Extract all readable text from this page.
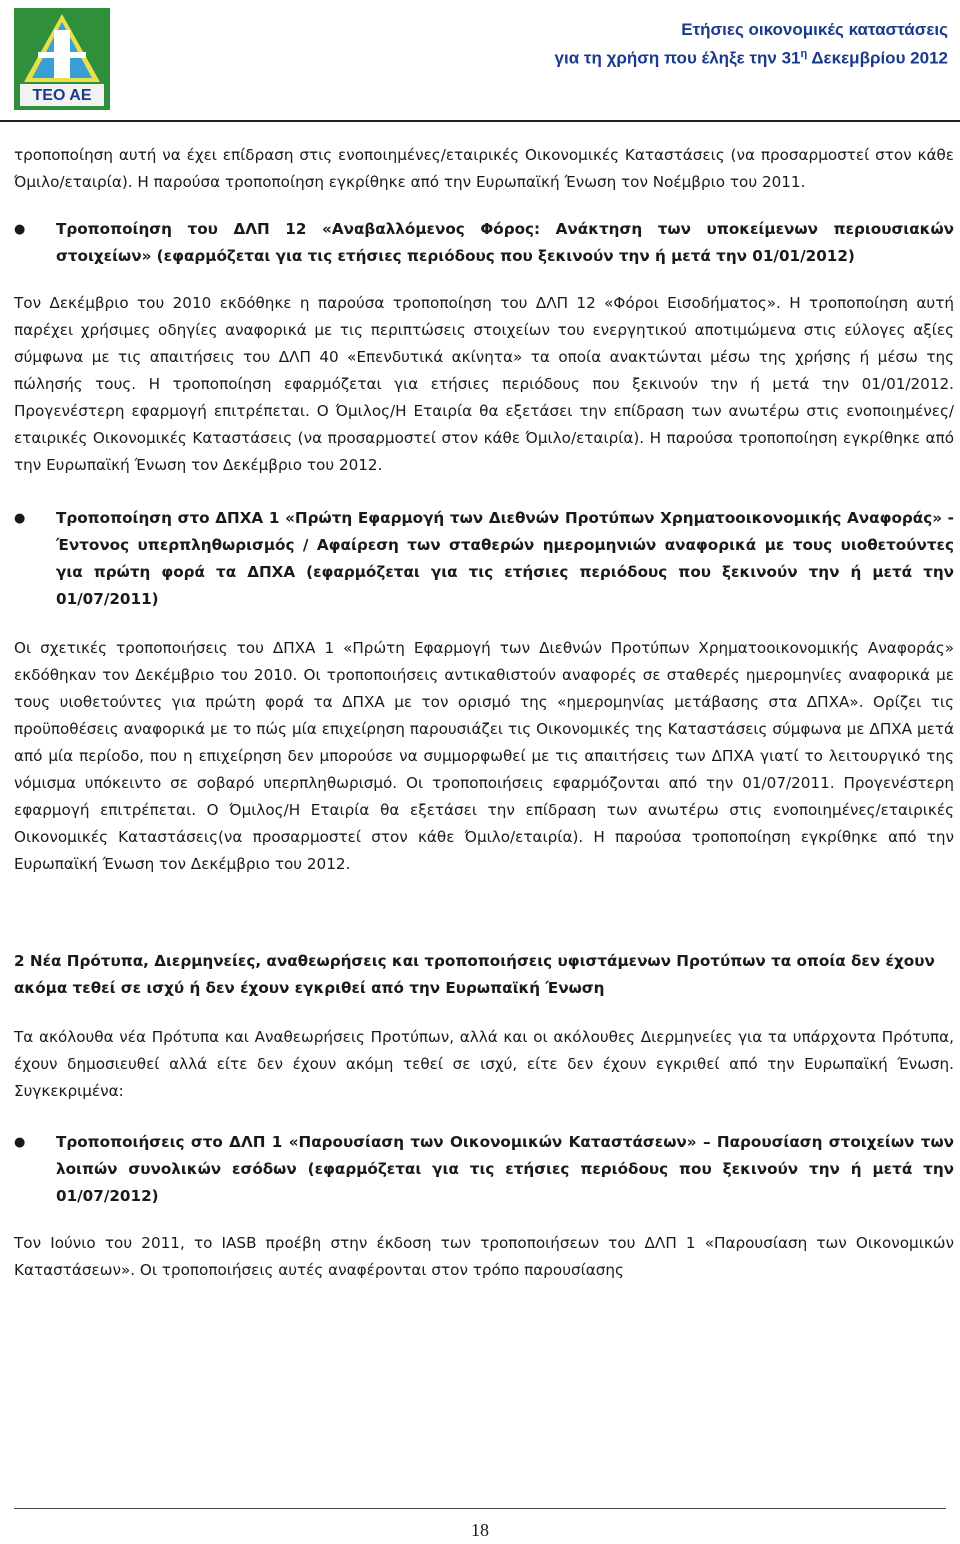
TEO AE
Ετήσιες οικονομικές καταστάσεις
για τη χρήση που έληξε την $31^\eta$ Δεκεμβρίου 2012

τροποποίηση αυτή να έχει επίδραση στις ενοποιημένες/εταιρικές Οικονομικές Καταστάσεις (να προσαρμοστεί στον κάθε Όμιλο/εταιρία). Η παρούσα τροποποίηση εγκρίθηκε από την Ευρωπαϊκή Ένωση τον Νοέμβριο του 2011.

●	Τροποποίηση του ΔΛΠ 12 «Αναβαλλόμενος Φόρος: Ανάκτηση των υποκείμενων περιουσιακών στοιχείων» (εφαρμόζεται για τις ετήσιες περιόδους που ξεκινούν την ή μετά την 01/01/2012)

Τον Δεκέμβριο του 2010 εκδόθηκε η παρούσα τροποποίηση του ΔΛΠ 12 «Φόροι Εισοδήματος». Η τροποποίηση αυτή παρέχει χρήσιμες οδηγίες αναφορικά με τις περιπτώσεις στοιχείων του ενεργητικού αποτιμώμενα στις εύλογες αξίες σύμφωνα με τις απαιτήσεις του ΔΛΠ 40 «Επενδυτικά ακίνητα» τα οποία ανακτώνται μέσω της χρήσης ή μέσω της πώλησής τους. Η τροποποίηση εφαρμόζεται για ετήσιες περιόδους που ξεκινούν την ή μετά την 01/01/2012. Προγενέστερη εφαρμογή επιτρέπεται. Ο Όμιλος/Η Εταιρία θα εξετάσει την επίδραση των ανωτέρω στις ενοποιημένες/εταιρικές Οικονομικές Καταστάσεις (να προσαρμοστεί στον κάθε Όμιλο/εταιρία). Η παρούσα τροποποίηση εγκρίθηκε από την Ευρωπαϊκή Ένωση τον Δεκέμβριο του 2012.

●	Τροποποίηση στο ΔΠΧΑ 1 «Πρώτη Εφαρμογή των Διεθνών Προτύπων Χρηματοοικονομικής Αναφοράς» - Έντονος υπερπληθωρισμός / Αφαίρεση των σταθερών ημερομηνιών αναφορικά με τους υιοθετούντες για πρώτη φορά τα ΔΠΧΑ (εφαρμόζεται για τις ετήσιες περιόδους που ξεκινούν την ή μετά την 01/07/2011)

Οι σχετικές τροποποιήσεις του ΔΠΧΑ 1 «Πρώτη Εφαρμογή των Διεθνών Προτύπων Χρηματοοικονομικής Αναφοράς» εκδόθηκαν τον Δεκέμβριο του 2010. Οι τροποποιήσεις αντικαθιστούν αναφορές σε σταθερές ημερομηνίες αναφορικά με τους υιοθετούντες για πρώτη φορά τα ΔΠΧΑ με τον ορισμό της «ημερομηνίας μετάβασης στα ΔΠΧΑ». Ορίζει τις προϋποθέσεις αναφορικά με το πώς μία επιχείρηση παρουσιάζει τις Οικονομικές της Καταστάσεις σύμφωνα με ΔΠΧΑ μετά από μία περίοδο, που η επιχείρηση δεν μπορούσε να συμμορφωθεί με τις απαιτήσεις των ΔΠΧΑ γιατί το λειτουργικό της νόμισμα υπόκειντο σε σοβαρό υπερπληθωρισμό. Οι τροποποιήσεις εφαρμόζονται από την 01/07/2011. Προγενέστερη εφαρμογή επιτρέπεται. Ο Όμιλος/Η Εταιρία θα εξετάσει την επίδραση των ανωτέρω στις ενοποιημένες/εταιρικές Οικονομικές Καταστάσεις(να προσαρμοστεί στον κάθε Όμιλο/εταιρία). Η παρούσα τροποποίηση εγκρίθηκε από την Ευρωπαϊκή Ένωση τον Δεκέμβριο του 2012.

2 Νέα Πρότυπα, Διερμηνείες, αναθεωρήσεις και τροποποιήσεις υφιστάμενων Προτύπων τα οποία δεν έχουν ακόμα τεθεί σε ισχύ ή δεν έχουν εγκριθεί από την Ευρωπαϊκή Ένωση

Τα ακόλουθα νέα Πρότυπα και Αναθεωρήσεις Προτύπων, αλλά και οι ακόλουθες Διερμηνείες για τα υπάρχοντα Πρότυπα, έχουν δημοσιευθεί αλλά είτε δεν έχουν ακόμη τεθεί σε ισχύ, είτε δεν έχουν εγκριθεί από την Ευρωπαϊκή Ένωση. Συγκεκριμένα:

●	Τροποποιήσεις στο ΔΛΠ 1 «Παρουσίαση των Οικονομικών Καταστάσεων» – Παρουσίαση στοιχείων των λοιπών συνολικών εσόδων (εφαρμόζεται για τις ετήσιες περιόδους που ξεκινούν την ή μετά την 01/07/2012)

Τον Ιούνιο του 2011, το IASB προέβη στην έκδοση των τροποποιήσεων του ΔΛΠ 1 «Παρουσίαση των Οικονομικών Καταστάσεων». Οι τροποποιήσεις αυτές αναφέρονται στον τρόπο παρουσίασης

18
